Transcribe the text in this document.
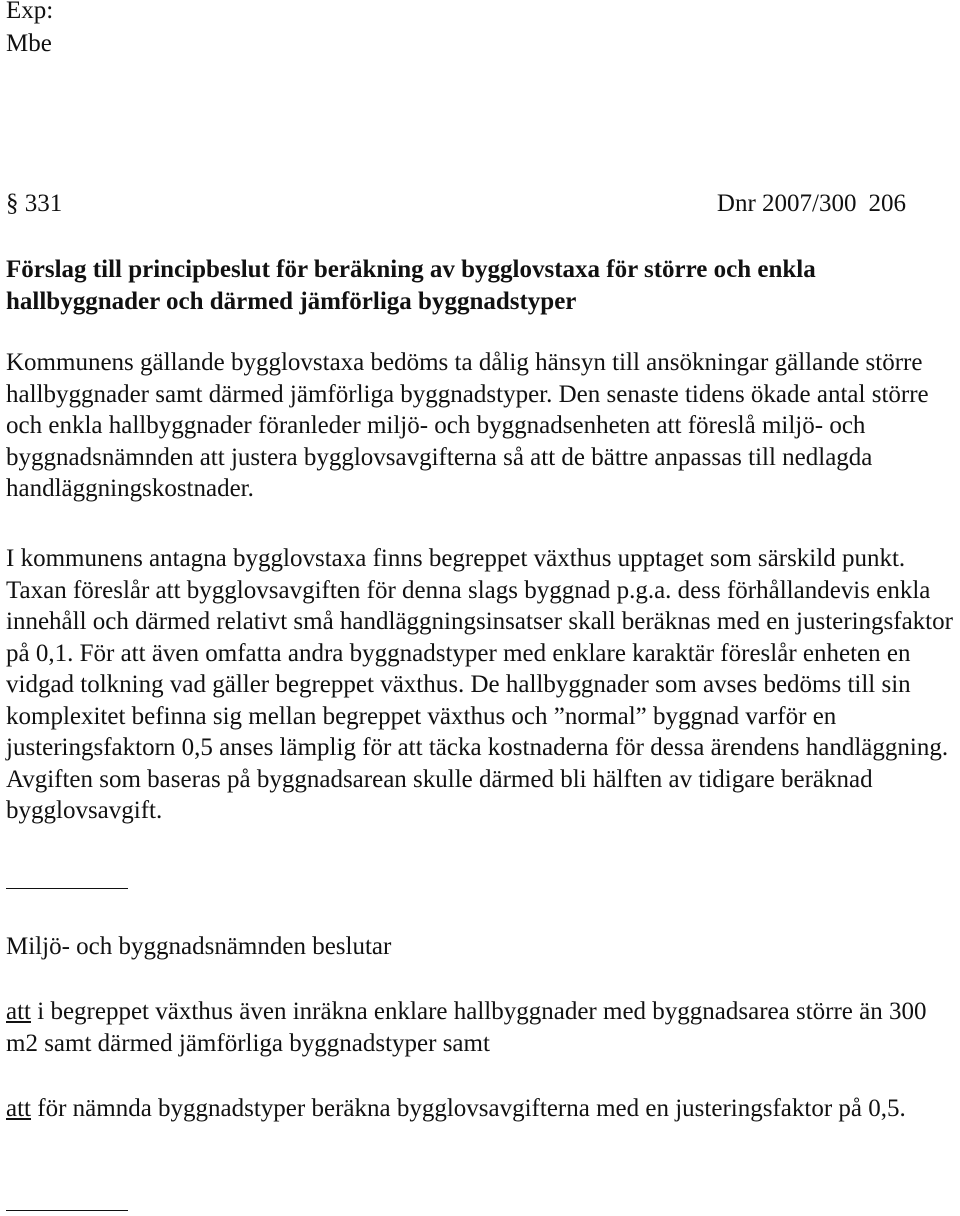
Exp:
Mbe
§ 331	Dnr 2007/300 206
Förslag till principbeslut för beräkning av bygglovstaxa för större och enkla hallbyggnader och därmed jämförliga byggnadstyper

Kommunens gällande bygglovstaxa bedöms ta dålig hänsyn till ansökningar gällande större hallbyggnader samt därmed jämförliga byggnadstyper. Den senaste tidens ökade antal större och enkla hallbyggnader föranleder miljö- och byggnadsenheten att föreslå miljö- och byggnadsnämnden att justera bygglovsavgifterna så att de bättre anpassas till nedlagda handläggningskostnader.

I kommunens antagna bygglovstaxa finns begreppet växthus upptaget som särskild punkt. Taxan föreslår att bygglovsavgiften för denna slags byggnad p.g.a. dess förhållandevis enkla innehåll och därmed relativt små handläggningsinsatser skall beräknas med en justeringsfaktor på 0,1. För att även omfatta andra byggnadstyper med enklare karaktär föreslår enheten en vidgad tolkning vad gäller begreppet växthus. De hallbyggnader som avses bedöms till sin komplexitet befinna sig mellan begreppet växthus och ”normal” byggnad varför en justeringsfaktorn 0,5 anses lämplig för att täcka kostnaderna för dessa ärendens handläggning. Avgiften som baseras på byggnadsarean skulle därmed bli hälften av tidigare beräknad bygglovsavgift.

Miljö- och byggnadsnämnden beslutar

att i begreppet växthus även inräkna enklare hallbyggnader med byggnadsarea större än 300 m2 samt därmed jämförliga byggnadstyper samt

att för nämnda byggnadstyper beräkna bygglovsavgifterna med en justeringsfaktor på 0,5.
